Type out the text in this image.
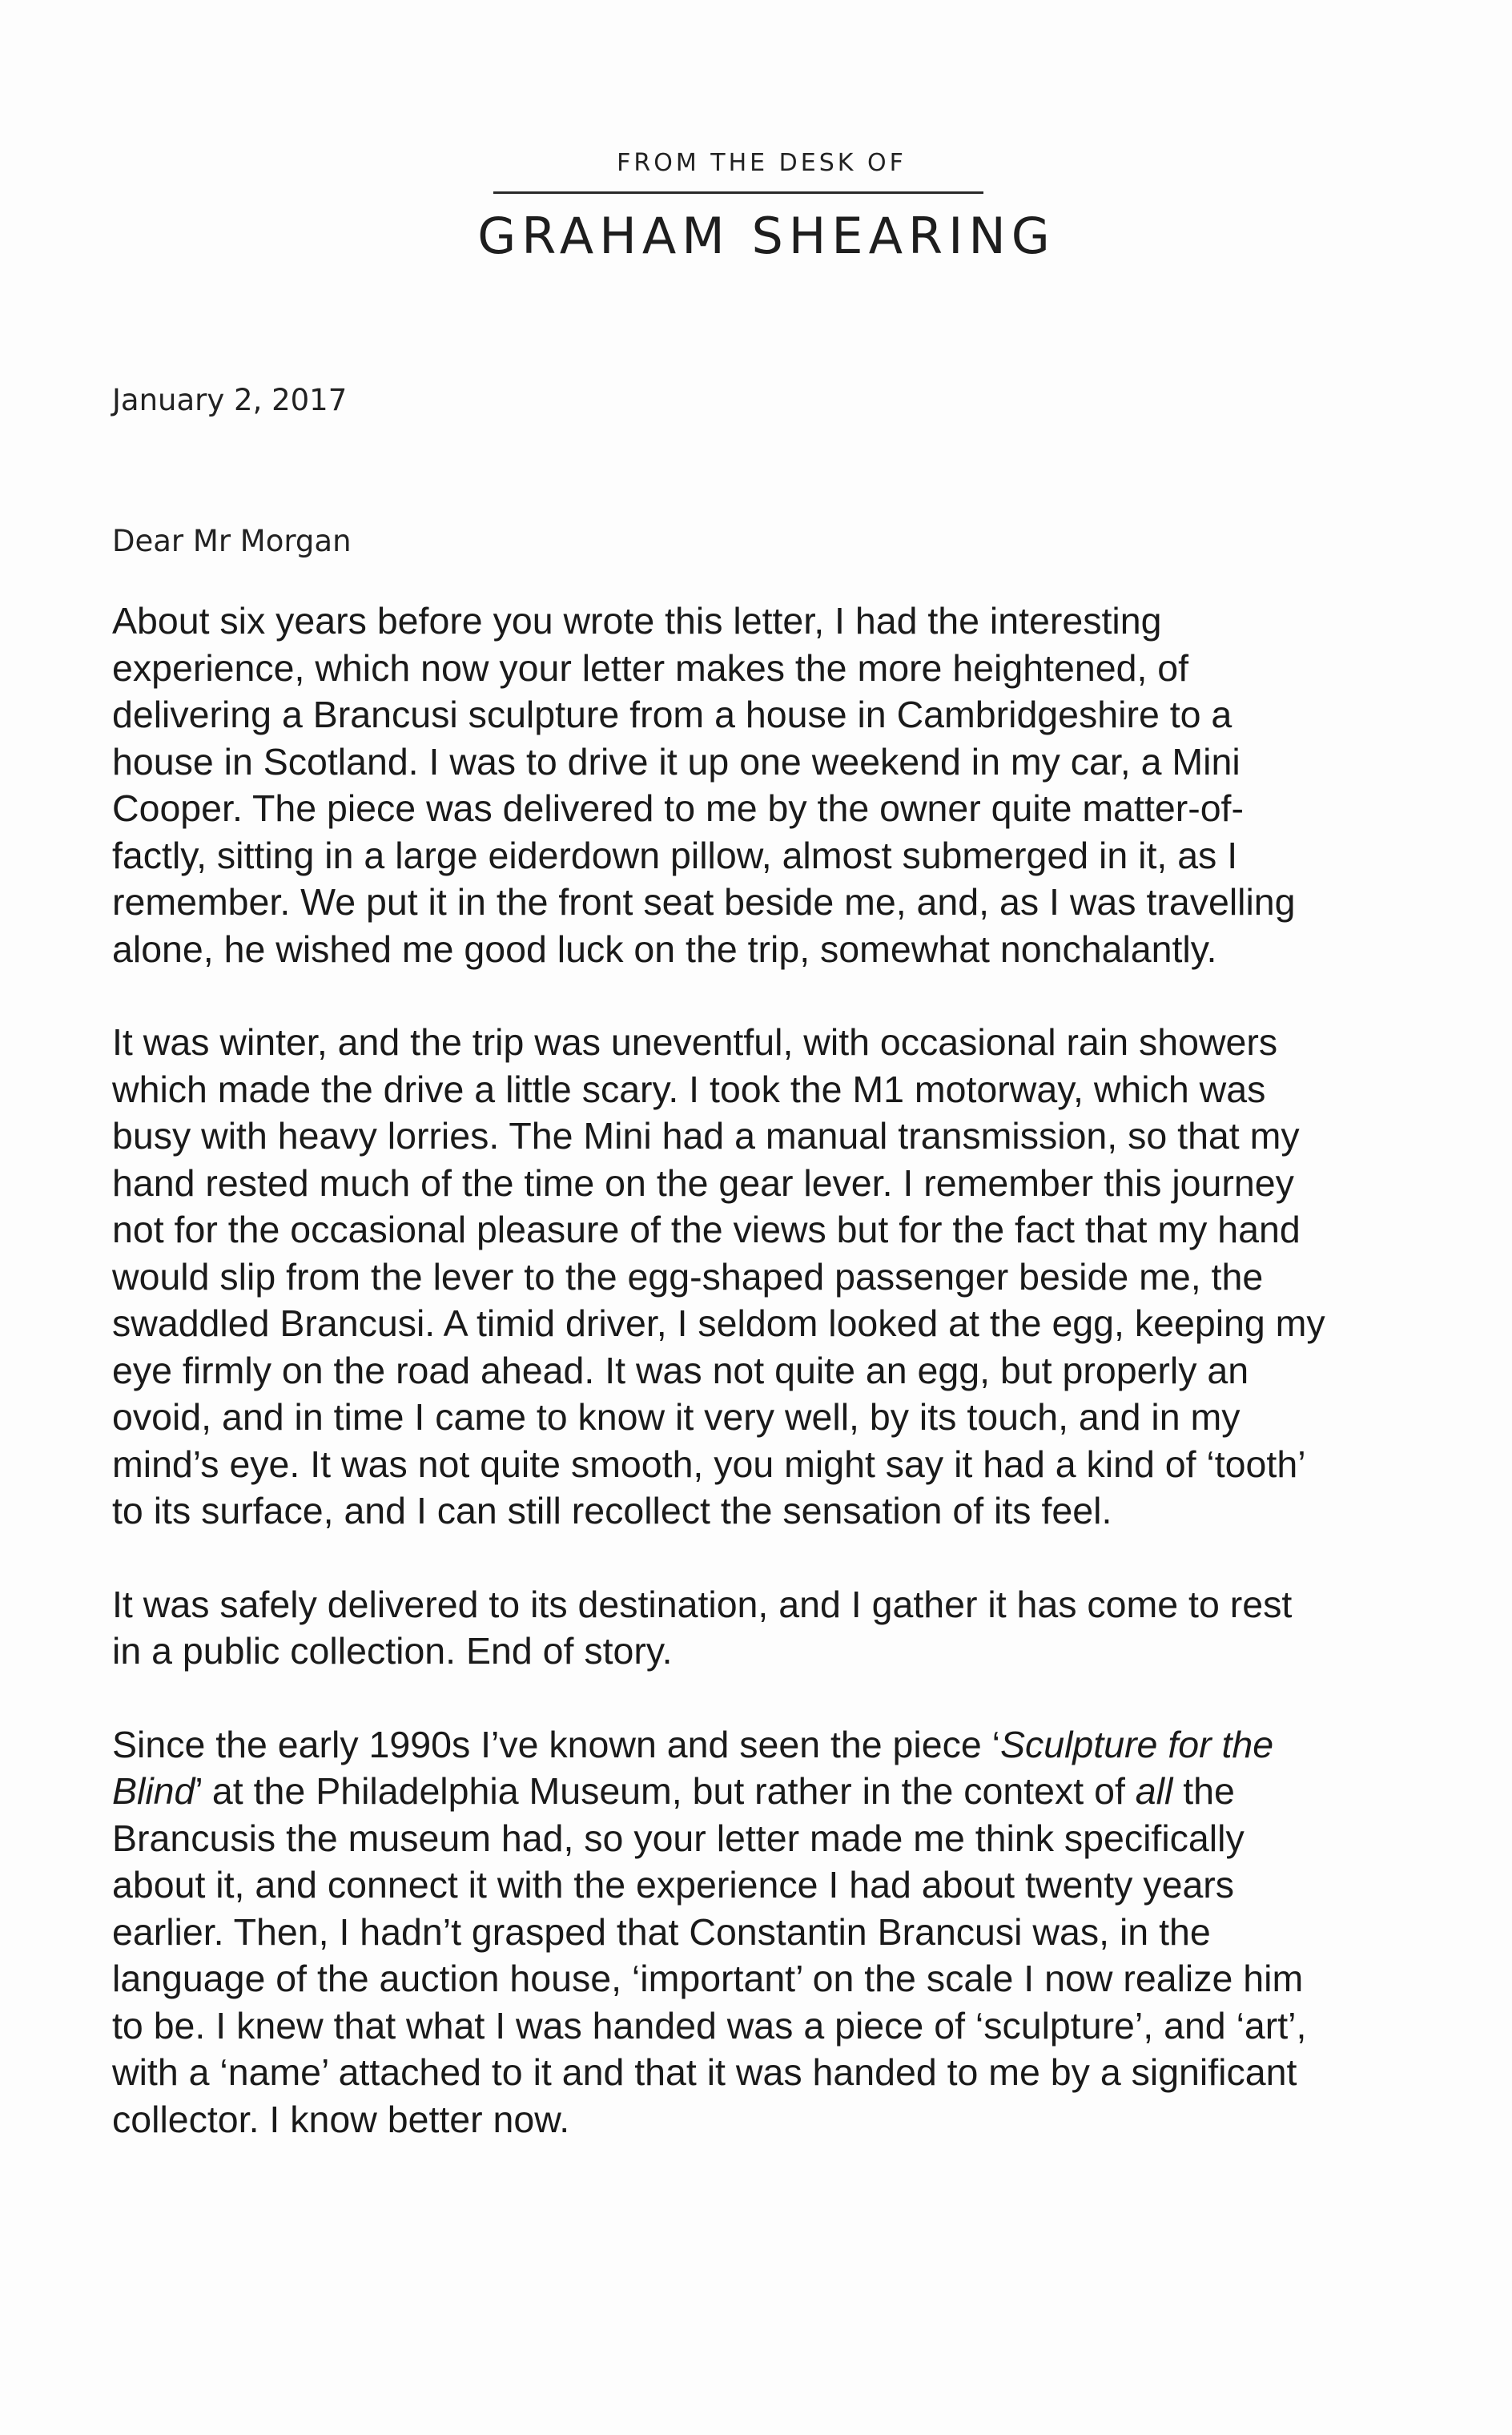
FROM THE DESK OF
GRAHAM SHEARING
January 2, 2017
Dear Mr Morgan

About six years before you wrote this letter, I had the interesting
experience, which now your letter makes the more heightened, of
delivering a Brancusi sculpture from a house in Cambridgeshire to a
house in Scotland. I was to drive it up one weekend in my car, a Mini
Cooper. The piece was delivered to me by the owner quite matter-of-
factly, sitting in a large eiderdown pillow, almost submerged in it, as I
remember. We put it in the front seat beside me, and, as I was travelling
alone, he wished me good luck on the trip, somewhat nonchalantly.

It was winter, and the trip was uneventful, with occasional rain showers
which made the drive a little scary. I took the M1 motorway, which was
busy with heavy lorries. The Mini had a manual transmission, so that my
hand rested much of the time on the gear lever. I remember this journey
not for the occasional pleasure of the views but for the fact that my hand
would slip from the lever to the egg-shaped passenger beside me, the
swaddled Brancusi. A timid driver, I seldom looked at the egg, keeping my
eye firmly on the road ahead. It was not quite an egg, but properly an
ovoid, and in time I came to know it very well, by its touch, and in my
mind’s eye. It was not quite smooth, you might say it had a kind of ‘tooth’
to its surface, and I can still recollect the sensation of its feel.

It was safely delivered to its destination, and I gather it has come to rest
in a public collection. End of story.

Since the early 1990s I’ve known and seen the piece ‘Sculpture for the
Blind’ at the Philadelphia Museum, but rather in the context of all the
Brancusis the museum had, so your letter made me think specifically
about it, and connect it with the experience I had about twenty years
earlier. Then, I hadn’t grasped that Constantin Brancusi was, in the
language of the auction house, ‘important’ on the scale I now realize him
to be. I knew that what I was handed was a piece of ‘sculpture’, and ‘art’,
with a ‘name’ attached to it and that it was handed to me by a significant
collector. I know better now.
